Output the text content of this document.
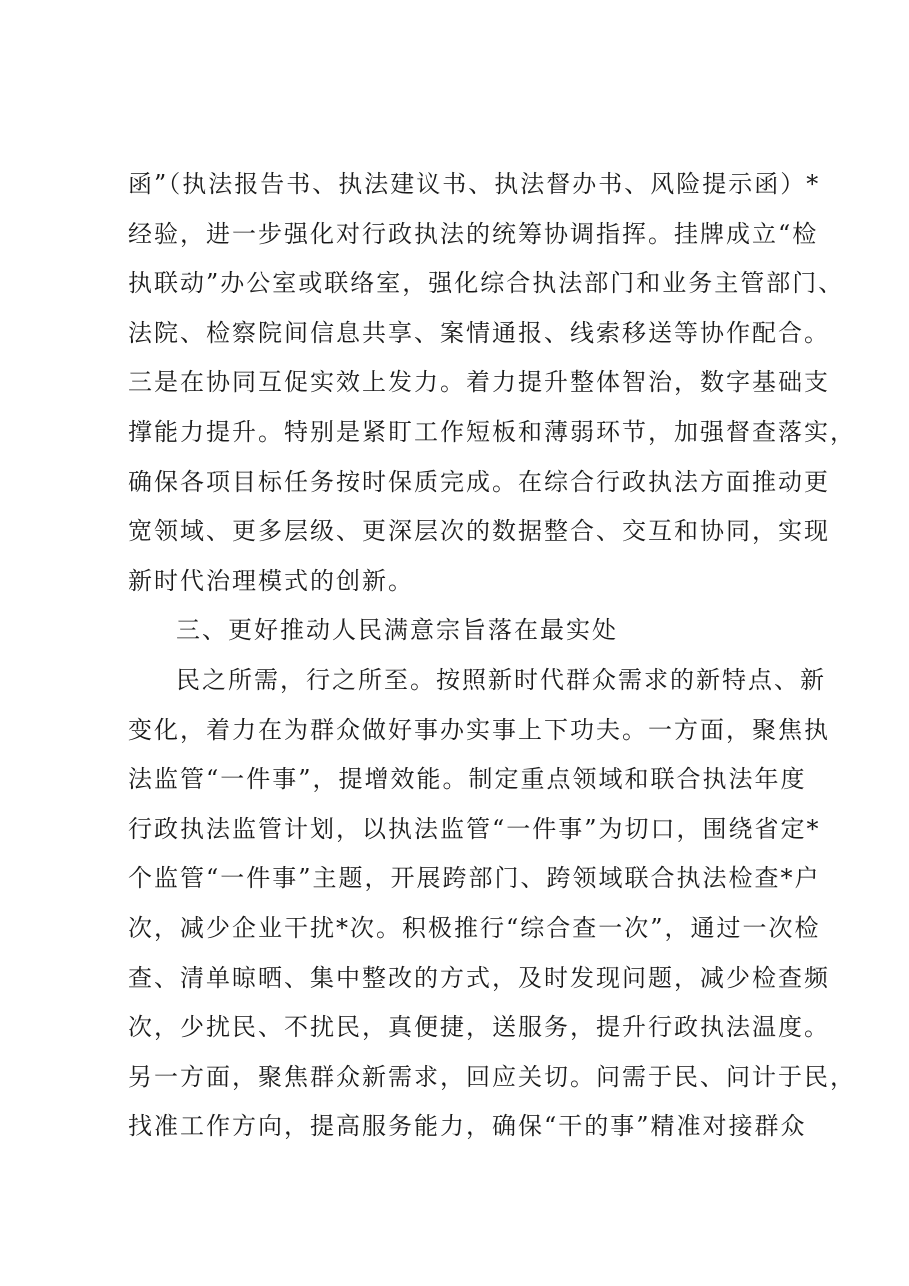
函”（执法报告书、执法建议书、执法督办书、风险提示函）*
经验，进一步强化对行政执法的统筹协调指挥。挂牌成立“检
执联动”办公室或联络室，强化综合执法部门和业务主管部门、
法院、检察院间信息共享、案情通报、线索移送等协作配合。
三是在协同互促实效上发力。着力提升整体智治，数字基础支
撑能力提升。特别是紧盯工作短板和薄弱环节，加强督查落实，
确保各项目标任务按时保质完成。在综合行政执法方面推动更
宽领域、更多层级、更深层次的数据整合、交互和协同，实现
新时代治理模式的创新。
三、更好推动人民满意宗旨落在最实处
民之所需，行之所至。按照新时代群众需求的新特点、新
变化，着力在为群众做好事办实事上下功夫。一方面，聚焦执
法监管“一件事”，提增效能。制定重点领域和联合执法年度
行政执法监管计划，以执法监管“一件事”为切口，围绕省定*
个监管“一件事”主题，开展跨部门、跨领域联合执法检查*户
次，减少企业干扰*次。积极推行“综合查一次”，通过一次检
查、清单晾晒、集中整改的方式，及时发现问题，减少检查频
次，少扰民、不扰民，真便捷，送服务，提升行政执法温度。
另一方面，聚焦群众新需求，回应关切。问需于民、问计于民，
找准工作方向，提高服务能力，确保“干的事”精准对接群众
